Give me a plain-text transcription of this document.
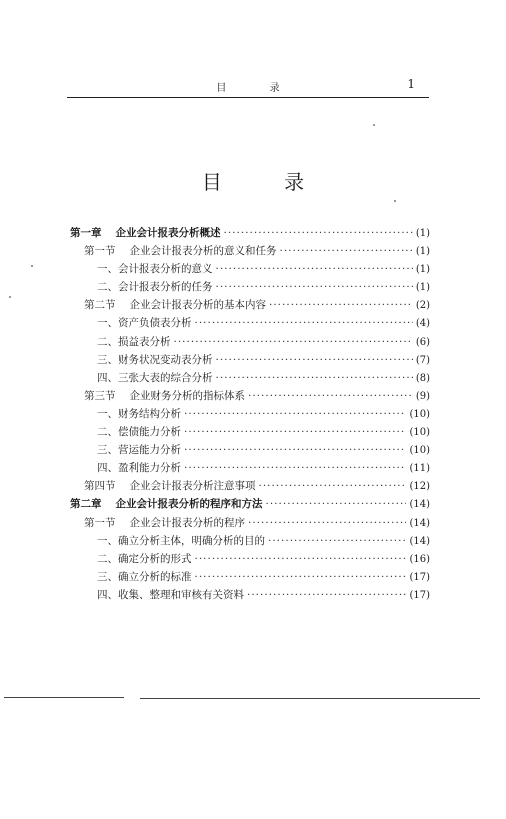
目 录	1
目 录
第一章 企业会计报表分析概述 ·····	(1)
第一节 企业会计报表分析的意义和任务 ·····	(1)
一、会计报表分析的意义 ·····	(1)
二、会计报表分析的任务 ·····	(1)
第二节 企业会计报表分析的基本内容 ·····	(2)
一、资产负债表分析 ·····	(4)
二、损益表分析 ·····	(6)
三、财务状况变动表分析 ·····	(7)
四、三张大表的综合分析 ·····	(8)
第三节 企业财务分析的指标体系 ·····	(9)
一、财务结构分析 ·····	(10)
二、偿债能力分析 ·····	(10)
三、营运能力分析 ·····	(10)
四、盈利能力分析 ·····	(11)
第四节 企业会计报表分析注意事项 ·····	(12)
第二章 企业会计报表分析的程序和方法 ·····	(14)
第一节 企业会计报表分析的程序 ·····	(14)
一、确立分析主体，明确分析的目的 ·····	(14)
二、确定分析的形式 ·····	(16)
三、确立分析的标准 ·····	(17)
四、收集、整理和审核有关资料 ·····	(17)
